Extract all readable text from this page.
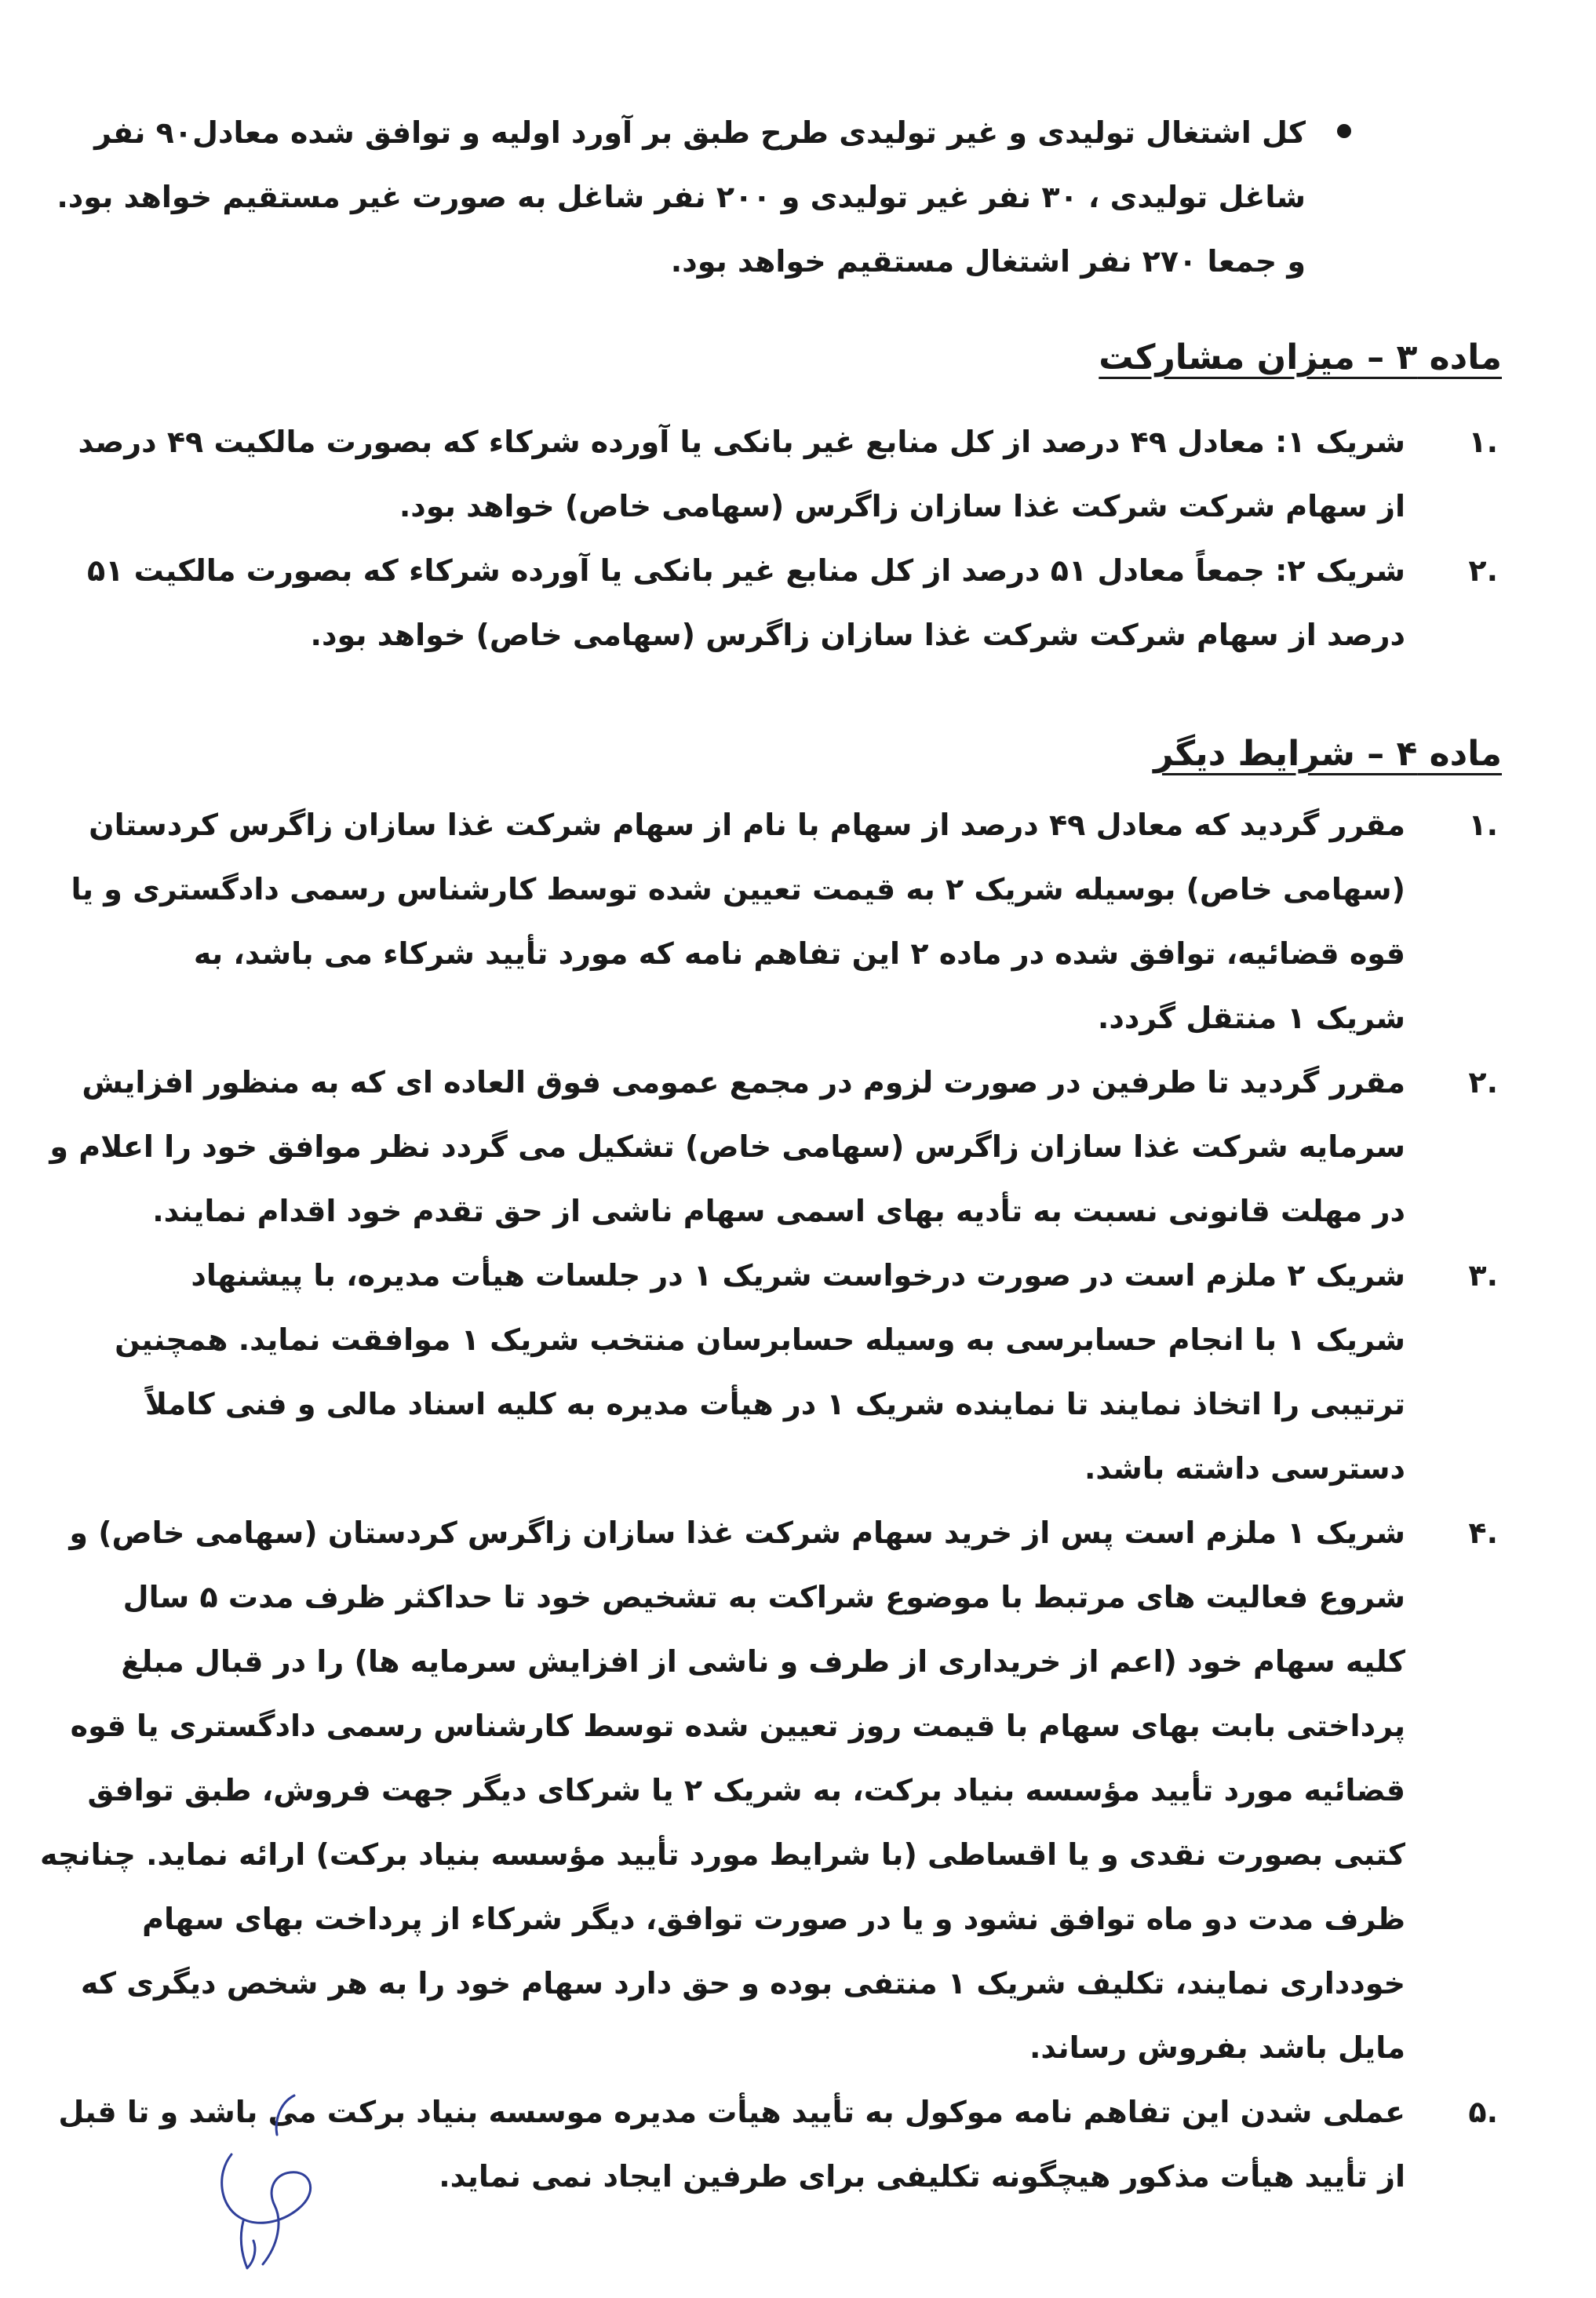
کل اشتغال تولیدی و غیر تولیدی طرح طبق بر آورد اولیه و توافق شده معادل۹۰ نفر
شاغل تولیدی ، ۳۰ نفر غیر تولیدی و ۲۰۰ نفر شاغل به صورت غیر مستقیم خواهد بود.
و جمعا ۲۷۰ نفر اشتغال مستقیم خواهد بود.
ماده ۳ – میزان مشارکت
.۱
شریک ۱: معادل ۴۹ درصد از کل منابع غیر بانکی یا آورده شرکاء که بصورت مالکیت ۴۹ درصد
از سهام شرکت شرکت غذا سازان زاگرس (سهامی خاص) خواهد بود.
.۲
شریک ۲: جمعاً معادل ۵۱ درصد از کل منابع غیر بانکی یا آورده شرکاء که بصورت مالکیت ۵۱
درصد از سهام شرکت شرکت غذا سازان زاگرس (سهامی خاص) خواهد بود.
ماده ۴ – شرایط دیگر
.۱
مقرر گردید که معادل ۴۹ درصد از سهام با نام از سهام شرکت غذا سازان زاگرس کردستان
(سهامی خاص) بوسیله شریک ۲ به قیمت تعیین شده توسط کارشناس رسمی دادگستری و یا
قوه قضائیه، توافق شده در ماده ۲ این تفاهم نامه که مورد تأیید شرکاء می باشد، به
شریک ۱ منتقل گردد.
.۲
مقرر گردید تا طرفین در صورت لزوم در مجمع عمومی فوق العاده ای که به منظور افزایش
سرمایه شرکت غذا سازان زاگرس (سهامی خاص) تشکیل می گردد نظر موافق خود را اعلام و
در مهلت قانونی نسبت به تأدیه بهای اسمی سهام ناشی از حق تقدم خود اقدام نمایند.
.۳
شریک ۲ ملزم است در صورت درخواست شریک ۱ در جلسات هیأت مدیره، با پیشنهاد
شریک ۱ با انجام حسابرسی به وسیله حسابرسان منتخب شریک ۱ موافقت نماید. همچنین
ترتیبی را اتخاذ نمایند تا نماینده شریک ۱ در هیأت مدیره به کلیه اسناد مالی و فنی کاملاً
دسترسی داشته باشد.
.۴
شریک ۱ ملزم است پس از خرید سهام شرکت غذا سازان زاگرس کردستان (سهامی خاص) و
شروع فعالیت های مرتبط با موضوع شراکت به تشخیص خود تا حداکثر ظرف مدت ۵ سال
کلیه سهام خود (اعم از خریداری از طرف و ناشی از افزایش سرمایه ها) را در قبال مبلغ
پرداختی بابت بهای سهام با قیمت روز تعیین شده توسط کارشناس رسمی دادگستری یا قوه
قضائیه مورد تأیید مؤسسه بنیاد برکت، به شریک ۲ یا شرکای دیگر جهت فروش، طبق توافق
کتبی بصورت نقدی و یا اقساطی (با شرایط مورد تأیید مؤسسه بنیاد برکت) ارائه نماید. چنانچه
ظرف مدت دو ماه توافق نشود و یا در صورت توافق، دیگر شرکاء از پرداخت بهای سهام
خودداری نمایند، تکلیف شریک ۱ منتفی بوده و حق دارد سهام خود را به هر شخص دیگری که
مایل باشد بفروش رساند.
.۵
عملی شدن این تفاهم نامه موکول به تأیید هیأت مدیره موسسه بنیاد برکت می باشد و تا قبل
از تأیید هیأت مذکور هیچگونه تکلیفی برای طرفین ایجاد نمی نماید.
